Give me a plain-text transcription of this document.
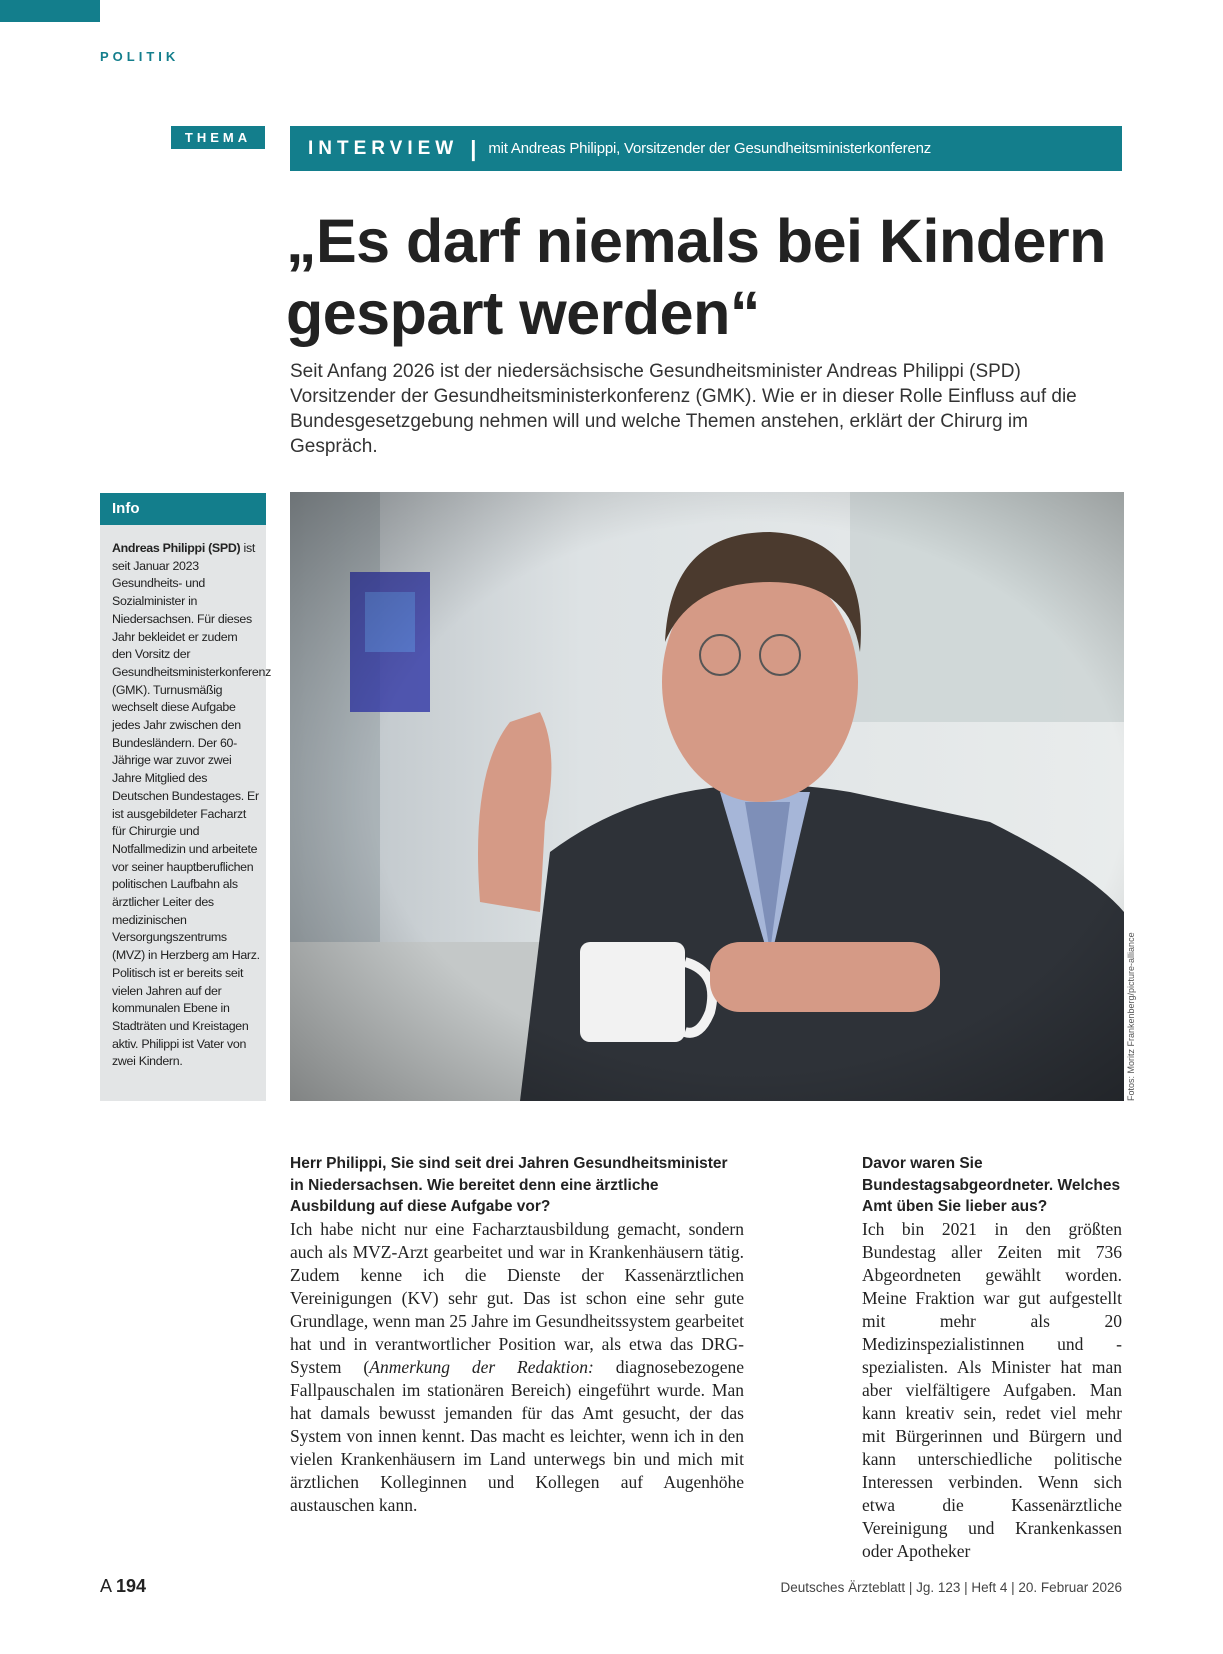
POLITIK
THEMA	INTERVIEW | mit Andreas Philippi, Vorsitzender der Gesundheitsministerkonferenz
„Es darf niemals bei Kindern
gespart werden“
Seit Anfang 2026 ist der niedersächsische Gesundheitsminister Andreas Philippi (SPD) Vorsitzender der Gesundheitsministerkonferenz (GMK). Wie er in dieser Rolle Einfluss auf die Bundesgesetzgebung nehmen will und welche Themen anstehen, erklärt der Chirurg im Gespräch.
Info
Andreas Philippi (SPD) ist seit Januar 2023 Gesundheits- und Sozialminister in Niedersachsen. Für dieses Jahr bekleidet er zudem den Vorsitz der Gesundheitsministerkonferenz (GMK). Turnusmäßig wechselt diese Aufgabe jedes Jahr zwischen den Bundesländern. Der 60-Jährige war zuvor zwei Jahre Mitglied des Deutschen Bundestages. Er ist ausgebildeter Facharzt für Chirurgie und Notfallmedizin und arbeitete vor seiner hauptberuflichen politischen Laufbahn als ärztlicher Leiter des medizinischen Versorgungszentrums (MVZ) in Herzberg am Harz. Politisch ist er bereits seit vielen Jahren auf der kommunalen Ebene in Stadträten und Kreistagen aktiv. Philippi ist Vater von zwei Kindern.	Fotos: Moritz Frankenberg/picture-alliance
Herr Philippi, Sie sind seit drei Jahren Gesundheitsminister in Niedersachsen. Wie bereitet denn eine ärztliche Ausbildung auf diese Aufgabe vor?
Ich habe nicht nur eine Facharztausbildung gemacht, sondern auch als MVZ-Arzt gearbeitet und war in Krankenhäusern tätig. Zudem kenne ich die Dienste der Kassenärztlichen Vereinigungen (KV) sehr gut. Das ist schon eine sehr gute Grundlage, wenn man 25 Jahre im Gesundheitssystem gearbeitet hat und in verantwortlicher Position war, als etwa das DRG-System (Anmerkung der Redaktion: diagnosebezogene Fallpauschalen im stationären Bereich) eingeführt wurde. Man hat damals bewusst jemanden für das Amt gesucht, der das System von innen kennt. Das macht es leichter, wenn ich in den vielen Krankenhäusern im Land unterwegs bin und mich mit ärztlichen Kolleginnen und Kollegen auf Augenhöhe austauschen kann.
Davor waren Sie Bundestagsabgeordneter. Welches Amt üben Sie lieber aus?
Ich bin 2021 in den größten Bundestag aller Zeiten mit 736 Abgeordneten gewählt worden. Meine Fraktion war gut aufgestellt mit mehr als 20 Medizinspezialistinnen und -spezialisten. Als Minister hat man aber vielfältigere Aufgaben. Man kann kreativ sein, redet viel mehr mit Bürgerinnen und Bürgern und kann unterschiedliche politische Interessen verbinden. Wenn sich etwa die Kassenärztliche Vereinigung und Krankenkassen oder Apotheker
A 194	Deutsches Ärzteblatt | Jg. 123 | Heft 4 | 20. Februar 2026
